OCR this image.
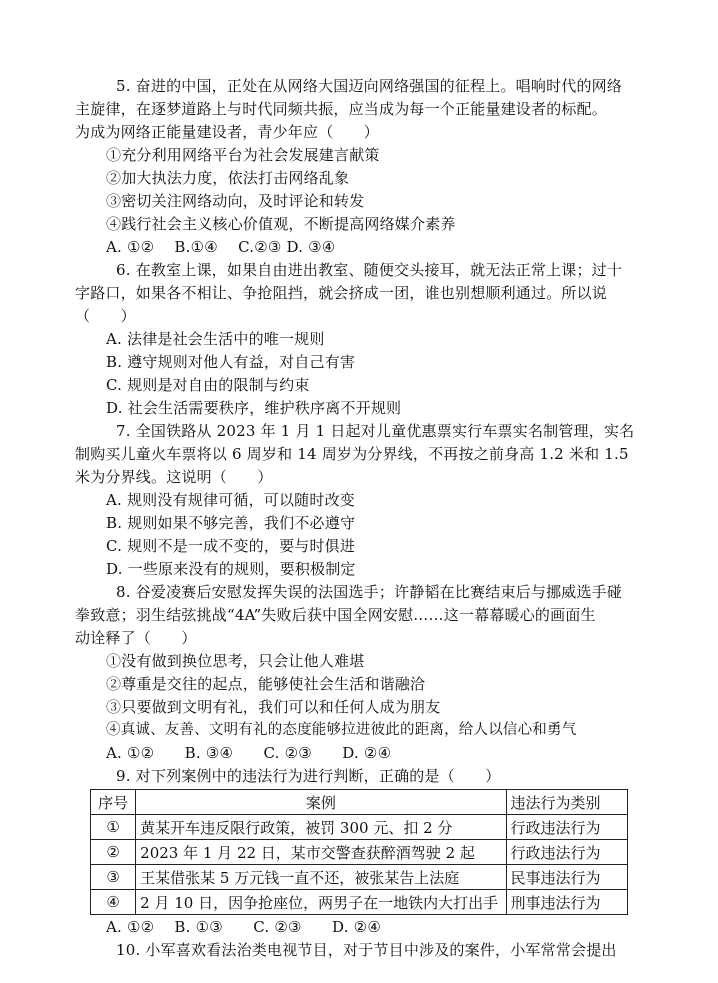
5. 奋进的中国，正处在从网络大国迈向网络强国的征程上。唱响时代的网络
主旋律，在逐梦道路上与时代同频共振，应当成为每一个正能量建设者的标配。
为成为网络正能量建设者，青少年应（　　）
①充分利用网络平台为社会发展建言献策
②加大执法力度，依法打击网络乱象
③密切关注网络动向，及时评论和转发
④践行社会主义核心价值观，不断提高网络媒介素养
A. ①②　 B.①④　 C.②③ D. ③④
6. 在教室上课，如果自由进出教室、随便交头接耳，就无法正常上课；过十
字路口，如果各不相让、争抢阻挡，就会挤成一团，谁也别想顺利通过。所以说
（　　）
A. 法律是社会生活中的唯一规则
B. 遵守规则对他人有益，对自己有害
C. 规则是对自由的限制与约束
D. 社会生活需要秩序，维护秩序离不开规则
7. 全国铁路从 2023 年 1 月 1 日起对儿童优惠票实行车票实名制管理，实名
制购买儿童火车票将以 6 周岁和 14 周岁为分界线，不再按之前身高 1.2 米和 1.5
米为分界线。这说明（　　）
A. 规则没有规律可循，可以随时改变
B. 规则如果不够完善，我们不必遵守
C. 规则不是一成不变的，要与时俱进
D. 一些原来没有的规则，要积极制定
8. 谷爱凌赛后安慰发挥失误的法国选手；许静韬在比赛结束后与挪威选手碰
拳致意；羽生结弦挑战“4A”失败后获中国全网安慰……这一幕幕暖心的画面生
动诠释了（　　）
①没有做到换位思考，只会让他人难堪
②尊重是交往的起点，能够使社会生活和谐融洽
③只要做到文明有礼，我们可以和任何人成为朋友
④真诚、友善、文明有礼的态度能够拉进彼此的距离，给人以信心和勇气
A. ①②　　B. ③④　　C. ②③　　D. ②④
9. 对下列案例中的违法行为进行判断，正确的是（　　）
序号	案例	违法行为类别
①	黄某开车违反限行政策，被罚 300 元、扣 2 分	行政违法行为
②	2023 年 1 月 22 日，某市交警查获醉酒驾驶 2 起	行政违法行为
③	王某借张某 5 万元钱一直不还，被张某告上法庭	民事违法行为
④	2 月 10 日，因争抢座位，两男子在一地铁内大打出手	刑事违法行为
A. ①②　 B. ①③　　C. ②③　　D. ②④
10. 小军喜欢看法治类电视节目，对于节目中涉及的案件，小军常常会提出
